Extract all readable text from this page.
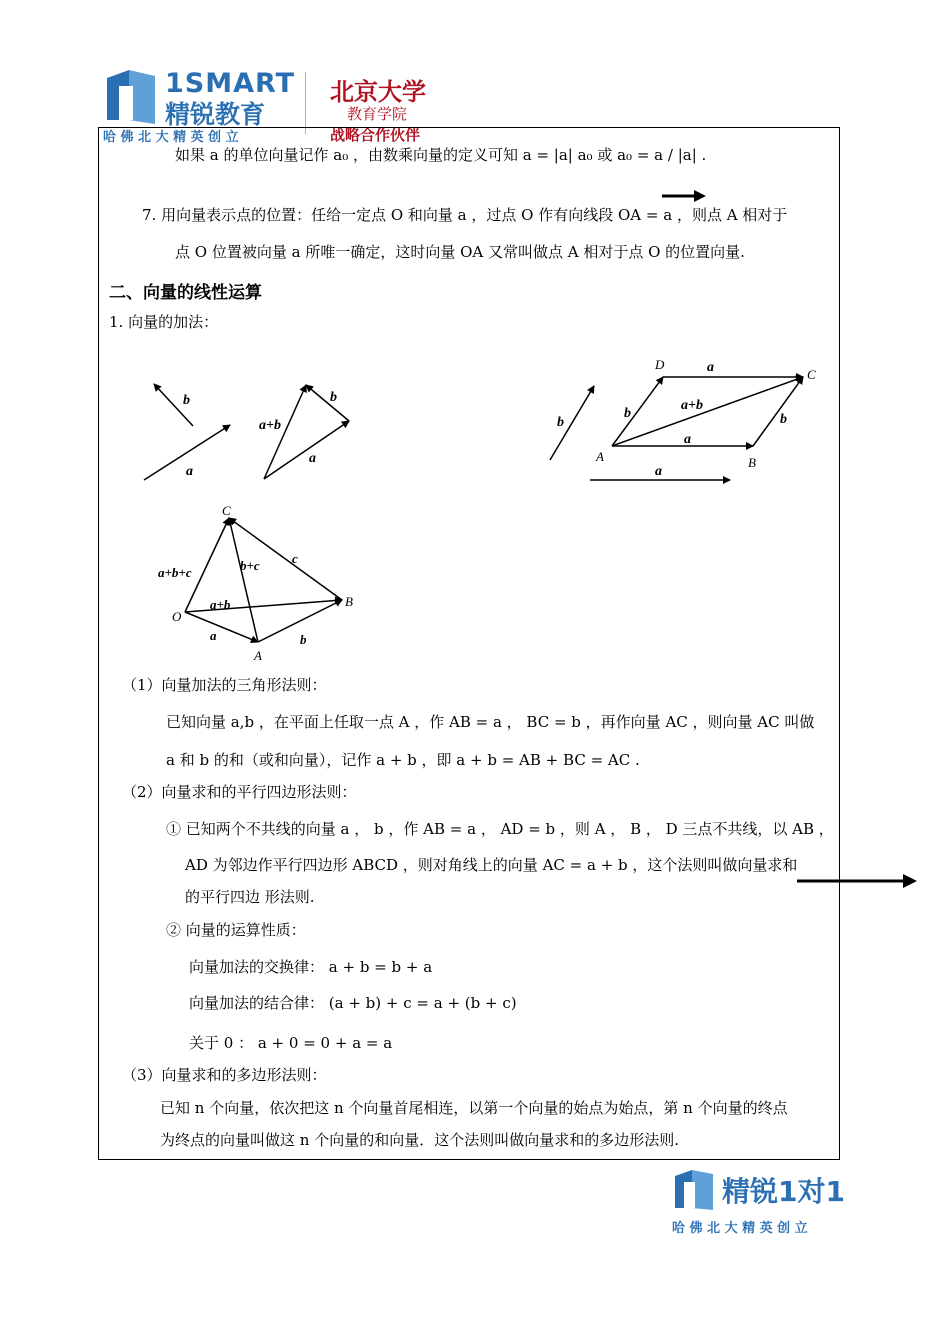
1SMART
精锐教育
哈 佛 北 大 精 英 创 立
北京大学
教育学院
战略合作伙伴
如果 a 的单位向量记作 a₀ ，由数乘向量的定义可知 a = |a| a₀ 或 a₀ = a / |a| .
7. 用向量表示点的位置：任给一定点 O 和向量 a ，过点 O 作有向线段 OA = a ，则点 A 相对于
点 O 位置被向量 a 所唯一确定，这时向量 OA 又常叫做点 A 相对于点 O 的位置向量.
二、向量的线性运算
1. 向量的加法：
b
a
b
a+b
a
b
D
C
A	B
a
b	b
a+b
a
a
C
O
A
B
a+b+c	b+c c
a+b
a	b
（1）向量加法的三角形法则：
已知向量 a,b ，在平面上任取一点 A ，作 AB = a ， BC = b ，再作向量 AC ，则向量 AC 叫做
a 和 b 的和（或和向量），记作 a + b ，即 a + b = AB + BC = AC .
（2）向量求和的平行四边形法则：
① 已知两个不共线的向量 a ， b ，作 AB = a ， AD = b ，则 A ， B ， D 三点不共线，以 AB ，
AD 为邻边作平行四边形 ABCD ，则对角线上的向量 AC = a + b ，这个法则叫做向量求和
的平行四边 形法则.
② 向量的运算性质：
向量加法的交换律： a + b = b + a
向量加法的结合律： (a + b) + c = a + (b + c)
关于 0 ： a + 0 = 0 + a = a
（3）向量求和的多边形法则：
已知 n 个向量，依次把这 n 个向量首尾相连，以第一个向量的始点为始点，第 n 个向量的终点
为终点的向量叫做这 n 个向量的和向量．这个法则叫做向量求和的多边形法则.
精锐1对1
哈 佛 北 大 精 英 创 立
